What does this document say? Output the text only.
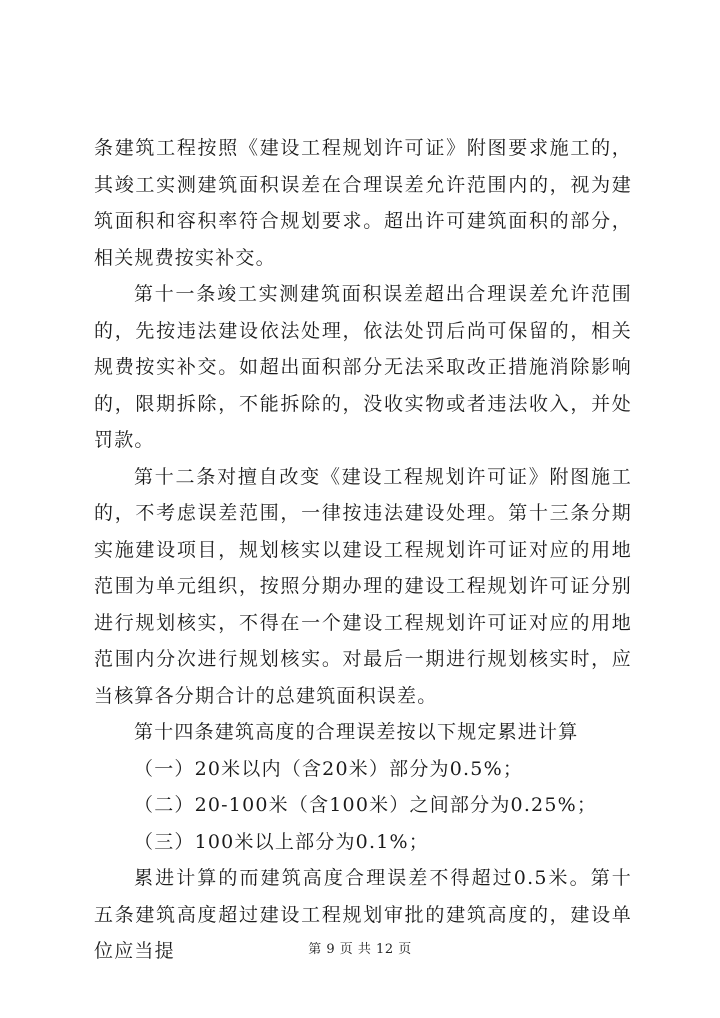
条建筑工程按照《建设工程规划许可证》附图要求施工的，其竣工实测建筑面积误差在合理误差允许范围内的，视为建筑面积和容积率符合规划要求。超出许可建筑面积的部分，相关规费按实补交。

第十一条竣工实测建筑面积误差超出合理误差允许范围的，先按违法建设依法处理，依法处罚后尚可保留的，相关规费按实补交。如超出面积部分无法采取改正措施消除影响的，限期拆除，不能拆除的，没收实物或者违法收入，并处罚款。

第十二条对擅自改变《建设工程规划许可证》附图施工的，不考虑误差范围，一律按违法建设处理。第十三条分期实施建设项目，规划核实以建设工程规划许可证对应的用地范围为单元组织，按照分期办理的建设工程规划许可证分别进行规划核实，不得在一个建设工程规划许可证对应的用地范围内分次进行规划核实。对最后一期进行规划核实时，应当核算各分期合计的总建筑面积误差。

第十四条建筑高度的合理误差按以下规定累进计算

（一）20米以内（含20米）部分为0.5%；

（二）20-100米（含100米）之间部分为0.25%；

（三）100米以上部分为0.1%；

累进计算的而建筑高度合理误差不得超过0.5米。第十五条建筑高度超过建设工程规划审批的建筑高度的，建设单位应当提	第 9 页 共 12 页
